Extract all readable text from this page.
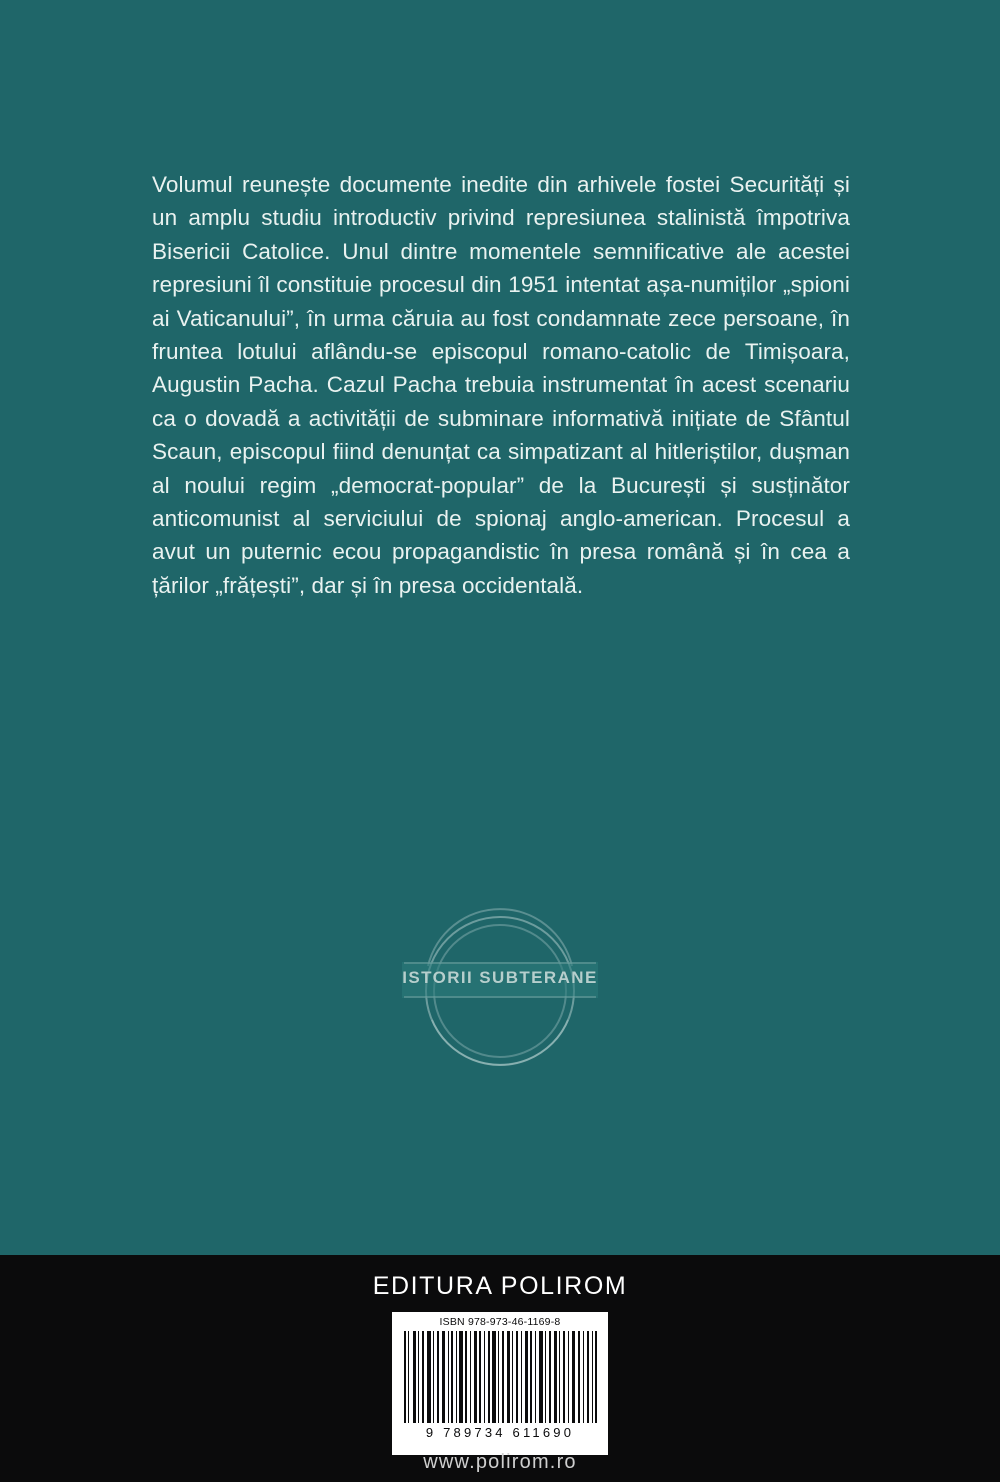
Volumul reunește documente inedite din arhivele fostei Securități și un amplu studiu introductiv privind represiunea stalinistă împotriva Bisericii Catolice. Unul dintre momentele semnificative ale acestei represiuni îl constituie procesul din 1951 intentat așa-numiților „spioni ai Vaticanului”, în urma căruia au fost condamnate zece persoane, în fruntea lotului aflându-se episcopul romano-catolic de Timișoara, Augustin Pacha. Cazul Pacha trebuia instrumentat în acest scenariu ca o dovadă a activității de subminare informativă inițiate de Sfântul Scaun, episcopul fiind denunțat ca simpatizant al hitleriștilor, dușman al noului regim „democrat-popular” de la București și susținător anticomunist al serviciului de spionaj anglo-american. Procesul a avut un puternic ecou propagandistic în presa română și în cea a țărilor „frățești”, dar și în presa occidentală.

ISTORII SUBTERANE
EDITURA POLIROM
ISBN 978-973-46-1169-8
9 789734 611690
www.polirom.ro
